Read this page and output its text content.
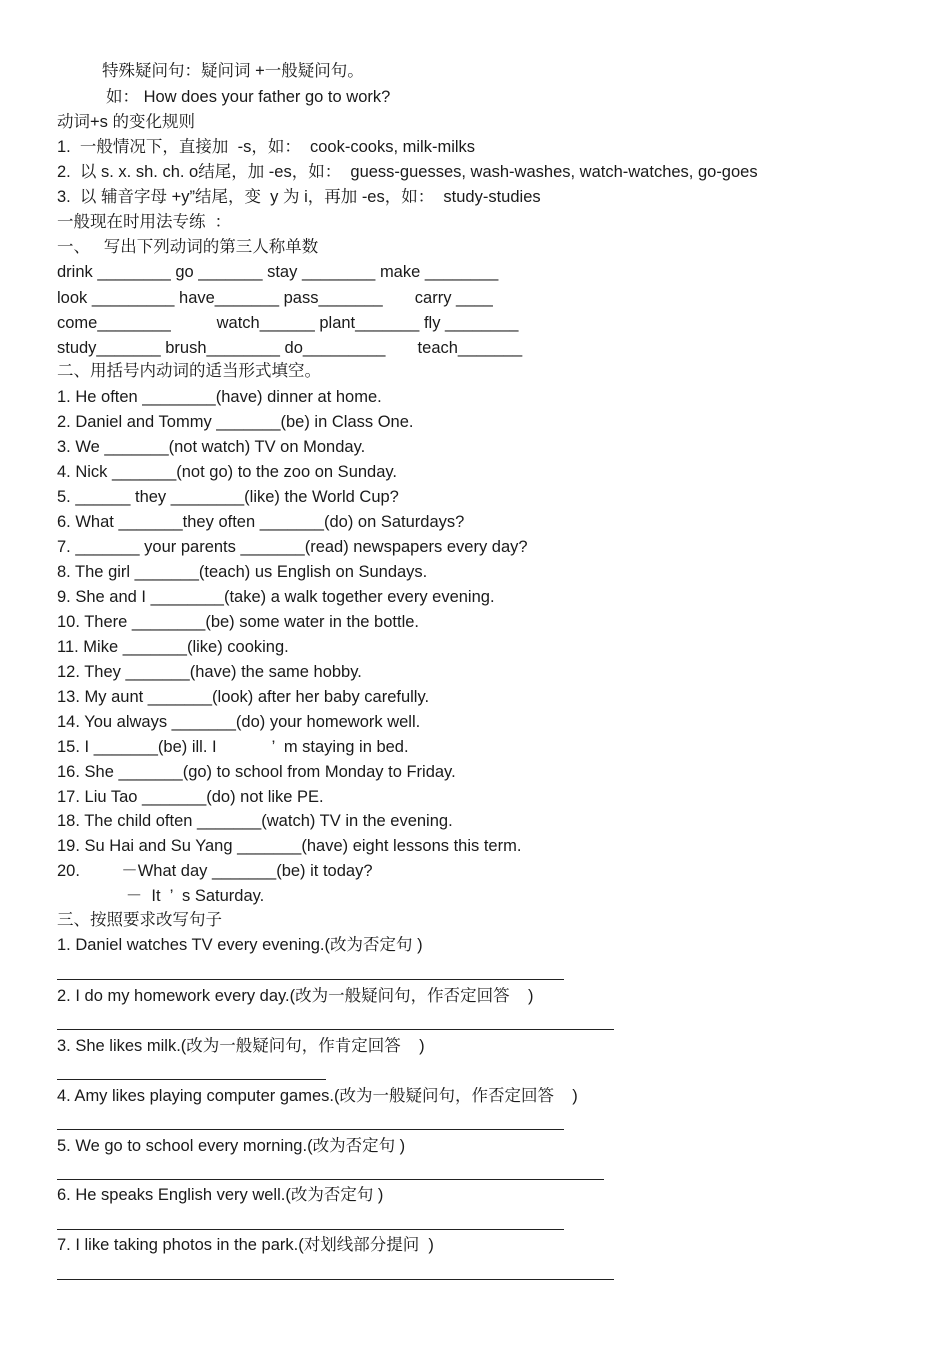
特殊疑问句：疑问词 +一般疑问句。

如： How does your father go to work?

动词+s 的变化规则

1.  一般情况下，直接加  -s，如：  cook-cooks, milk-milks

2.  以 s. x. sh. ch. o结尾，加 -es，如：  guess-guesses, wash-washes, watch-watches, go-goes

3.  以 辅音字母 +y”结尾，变  y 为 i，再加 -es，如：  study-studies

一般现在时用法专练  ：

一、   写出下列动词的第三人称单数

drink ________ go _______ stay ________ make ________

look _________ have_______ pass_______       carry ____

come________          watch______ plant_______ fly ________

study_______ brush________ do_________       teach_______

二、用括号内动词的适当形式填空。

1. He often ________(have) dinner at home.

2. Daniel and Tommy _______(be) in Class One.

3. We _______(not watch) TV on Monday.

4. Nick _______(not go) to the zoo on Sunday.

5. ______ they ________(like) the World Cup?

6. What _______they often _______(do) on Saturdays?

7. _______ your parents _______(read) newspapers every day?

8. The girl _______(teach) us English on Sundays.

9. She and I ________(take) a walk together every evening.

10. There ________(be) some water in the bottle.

11. Mike _______(like) cooking.

12. They _______(have) the same hobby.

13. My aunt _______(look) after her baby carefully.

14. You always _______(do) your homework well.

15. I _______(be) ill. I            ’  m staying in bed.

16. She _______(go) to school from Monday to Friday.

17. Liu Tao _______(do) not like PE.

18. The child often _______(watch) TV in the evening.

19. Su Hai and Su Yang _______(have) eight lessons this term.

20.         －What day _______(be) it today?

－  It  ’  s Saturday.

三、按照要求改写句子

1. Daniel watches TV every evening.(改为否定句 )

2. I do my homework every day.(改为一般疑问句，作否定回答    )

3. She likes milk.(改为一般疑问句，作肯定回答    )

4. Amy likes playing computer games.(改为一般疑问句，作否定回答    )

5. We go to school every morning.(改为否定句 )

6. He speaks English very well.(改为否定句 )

7. I like taking photos in the park.(对划线部分提问  )
